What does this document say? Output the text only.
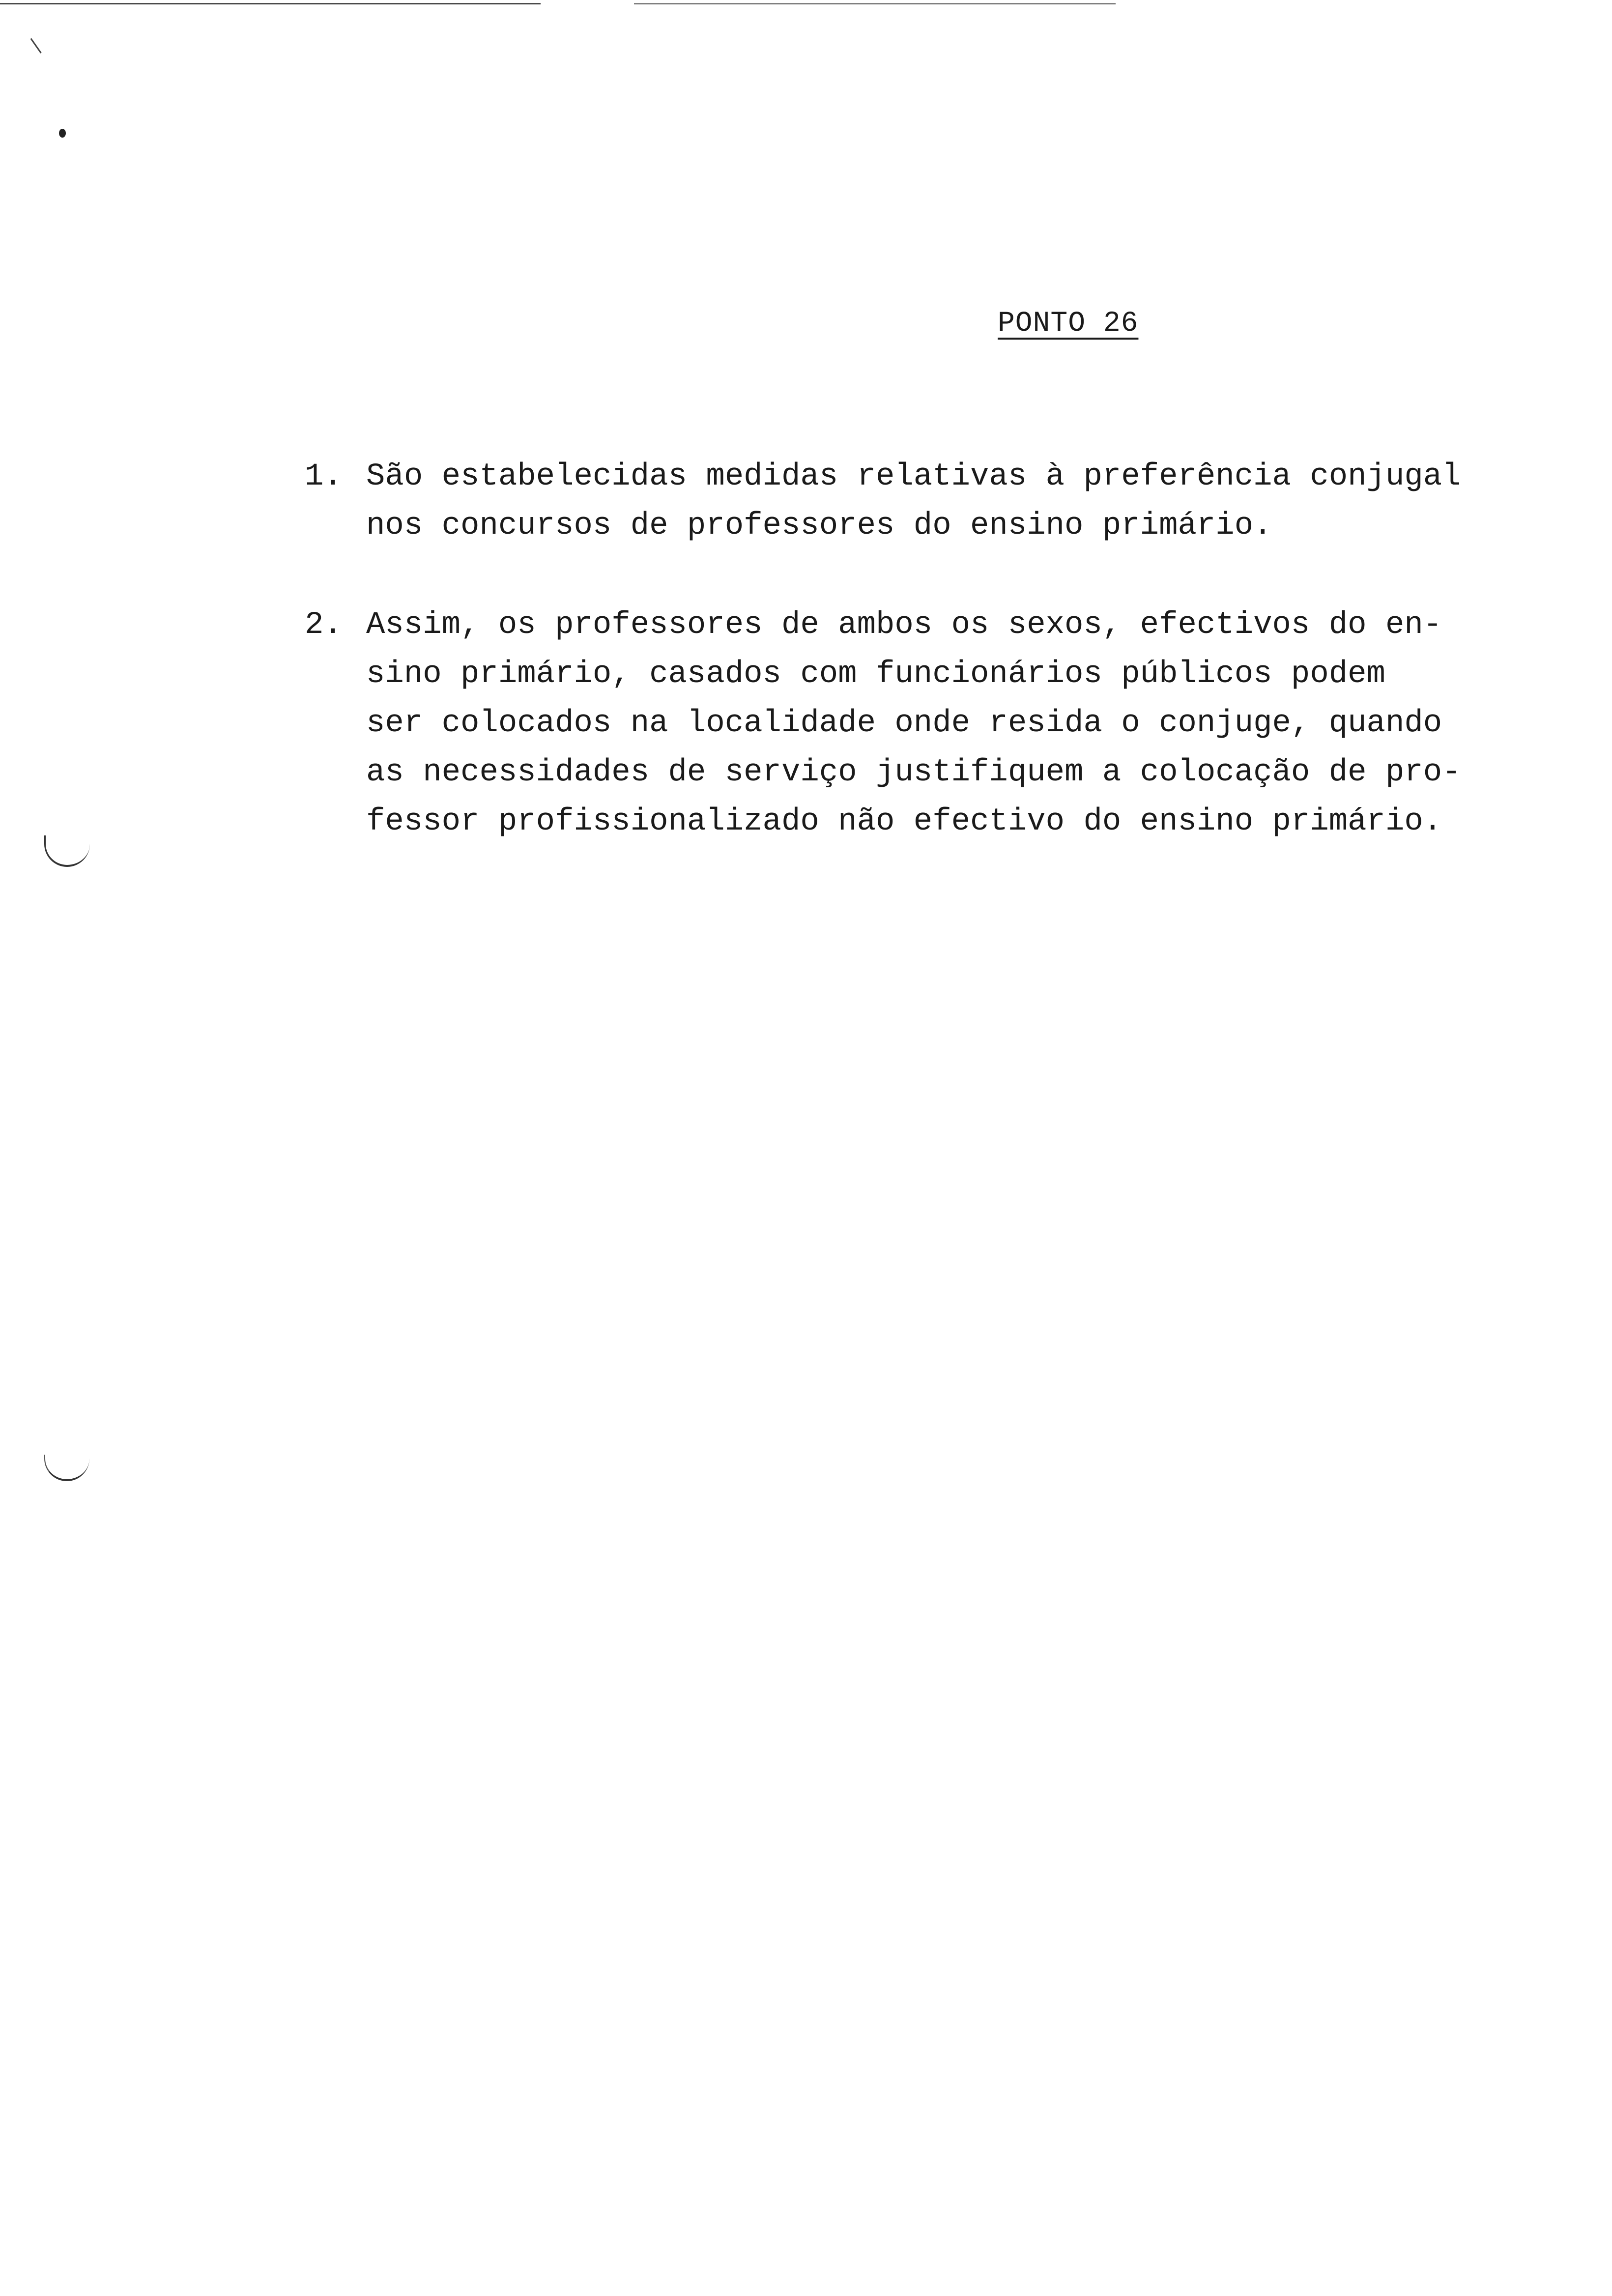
PONTO 26
1. São estabelecidas medidas relativas à preferência conjugal
nos concursos de professores do ensino primário.
2. Assim, os professores de ambos os sexos, efectivos do en-
sino primário, casados com funcionários públicos podem
ser colocados na localidade onde resida o conjuge, quando
as necessidades de serviço justifiquem a colocação de pro-
fessor profissionalizado não efectivo do ensino primário.
